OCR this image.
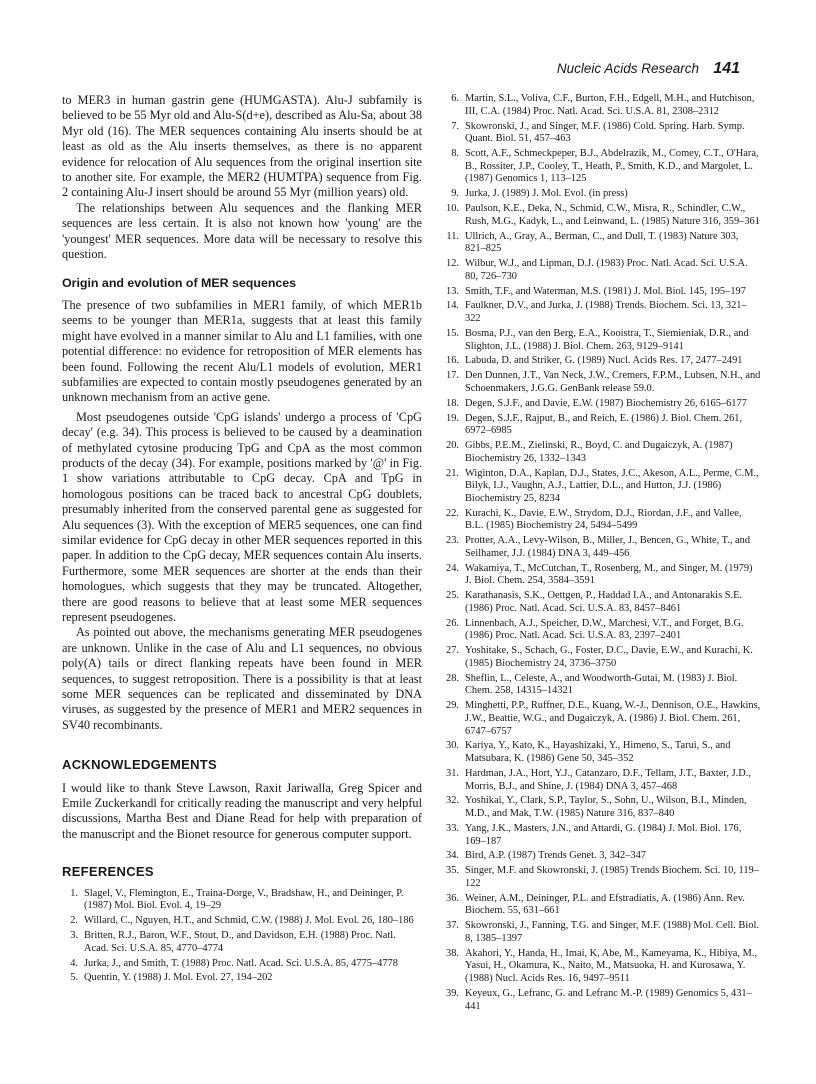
Nucleic Acids Research 141

to MER3 in human gastrin gene (HUMGASTA). Alu-J subfamily is believed to be 55 Myr old and Alu-S(d+e), described as Alu-Sa, about 38 Myr old (16). The MER sequences containing Alu inserts should be at least as old as the Alu inserts themselves, as there is no apparent evidence for relocation of Alu sequences from the original insertion site to another site. For example, the MER2 (HUMTPA) sequence from Fig. 2 containing Alu-J insert should be around 55 Myr (million years) old.

The relationships between Alu sequences and the flanking MER sequences are less certain. It is also not known how 'young' are the 'youngest' MER sequences. More data will be necessary to resolve this question.

Origin and evolution of MER sequences

The presence of two subfamilies in MER1 family, of which MER1b seems to be younger than MER1a, suggests that at least this family might have evolved in a manner similar to Alu and L1 families, with one potential difference: no evidence for retroposition of MER elements has been found. Following the recent Alu/L1 models of evolution, MER1 subfamilies are expected to contain mostly pseudogenes generated by an unknown mechanism from an active gene.

Most pseudogenes outside 'CpG islands' undergo a process of 'CpG decay' (e.g. 34). This process is believed to be caused by a deamination of methylated cytosine producing TpG and CpA as the most common products of the decay (34). For example, positions marked by '@' in Fig. 1 show variations attributable to CpG decay. CpA and TpG in homologous positions can be traced back to ancestral CpG doublets, presumably inherited from the conserved parental gene as suggested for Alu sequences (3). With the exception of MER5 sequences, one can find similar evidence for CpG decay in other MER sequences reported in this paper. In addition to the CpG decay, MER sequences contain Alu inserts. Furthermore, some MER sequences are shorter at the ends than their homologues, which suggests that they may be truncated. Altogether, there are good reasons to believe that at least some MER sequences represent pseudogenes.

As pointed out above, the mechanisms generating MER pseudogenes are unknown. Unlike in the case of Alu and L1 sequences, no obvious poly(A) tails or direct flanking repeats have been found in MER sequences, to suggest retroposition. There is a possibility is that at least some MER sequences can be replicated and disseminated by DNA viruses, as suggested by the presence of MER1 and MER2 sequences in SV40 recombinants.

ACKNOWLEDGEMENTS

I would like to thank Steve Lawson, Raxit Jariwalla, Greg Spicer and Emile Zuckerkandl for critically reading the manuscript and very helpful discussions, Martha Best and Diane Read for help with preparation of the manuscript and the Bionet resource for generous computer support.

REFERENCES
1. Slagel, V., Flemington, E., Traina-Dorge, V., Bradshaw, H., and Deininger, P. (1987) Mol. Biol. Evol. 4, 19–29
2. Willard, C., Nguyen, H.T., and Schmid, C.W. (1988) J. Mol. Evol. 26, 180–186
3. Britten, R.J., Baron, W.F., Stout, D., and Davidson, E.H. (1988) Proc. Natl. Acad. Sci. U.S.A. 85, 4770–4774
4. Jurka, J., and Smith, T. (1988) Proc. Natl. Acad. Sci. U.S.A. 85, 4775–4778
5. Quentin, Y. (1988) J. Mol. Evol. 27, 194–202
6. Martin, S.L., Voliva, C.F., Burton, F.H., Edgell, M.H., and Hutchison, III, C.A. (1984) Proc. Natl. Acad. Sci. U.S.A. 81, 2308–2312
7. Skowronski, J., and Singer, M.F. (1986) Cold. Spring. Harb. Symp. Quant. Biol. 51, 457–463
8. Scott, A.F., Schmeckpeper, B.J., Abdelrazik, M., Comey, C.T., O'Hara, B., Rossiter, J.P., Cooley, T., Heath, P., Smith, K.D., and Margolet, L. (1987) Genomics 1, 113–125
9. Jurka, J. (1989) J. Mol. Evol. (in press)
10. Paulson, K.E., Deka, N., Schmid, C.W., Misra, R., Schindler, C.W., Rush, M.G., Kadyk, L., and Leinwand, L. (1985) Nature 316, 359–361
11. Ullrich, A., Gray, A., Berman, C., and Dull, T. (1983) Nature 303, 821–825
12. Wilbur, W.J., and Lipman, D.J. (1983) Proc. Natl. Acad. Sci. U.S.A. 80, 726–730
13. Smith, T.F., and Waterman, M.S. (1981) J. Mol. Biol. 145, 195–197
14. Faulkner, D.V., and Jurka, J. (1988) Trends. Biochem. Sci. 13, 321–322
15. Bosma, P.J., van den Berg, E.A., Kooistra, T., Siemieniak, D.R., and Slighton, J.L. (1988) J. Biol. Chem. 263, 9129–9141
16. Labuda, D. and Striker, G. (1989) Nucl. Acids Res. 17, 2477–2491
17. Den Dunnen, J.T., Van Neck, J.W., Cremers, F.P.M., Lubsen, N.H., and Schoenmakers, J.G.G. GenBank release 59.0.
18. Degen, S.J.F., and Davie, E.W. (1987) Biochemistry 26, 6165–6177
19. Degen, S.J.F., Rajput, B., and Reich, E. (1986) J. Biol. Chem. 261, 6972–6985
20. Gibbs, P.E.M., Zielinski, R., Boyd, C. and Dugaiczyk, A. (1987) Biochemistry 26, 1332–1343
21. Wiginton, D.A., Kaplan, D.J., States, J.C., Akeson, A.L., Perme, C.M., Bilyk, I.J., Vaughn, A.J., Lattier, D.L., and Hutton, J.J. (1986) Biochemistry 25, 8234
22. Kurachi, K., Davie, E.W., Strydom, D.J., Riordan, J.F., and Vallee, B.L. (1985) Biochemistry 24, 5494–5499
23. Protter, A.A., Levy-Wilson, B., Miller, J., Bencen, G., White, T., and Seilhamer, J.J. (1984) DNA 3, 449–456
24. Wakamiya, T., McCutchan, T., Rosenberg, M., and Singer, M. (1979) J. Biol. Chem. 254, 3584–3591
25. Karathanasis, S.K., Oettgen, P., Haddad I.A., and Antonarakis S.E. (1986) Proc. Natl. Acad. Sci. U.S.A. 83, 8457–8461
26. Linnenbach, A.J., Speicher, D.W., Marchesi, V.T., and Forget, B.G. (1986) Proc. Natl. Acad. Sci. U.S.A. 83, 2397–2401
27. Yoshitake, S., Schach, G., Foster, D.C., Davie, E.W., and Kurachi, K. (1985) Biochemistry 24, 3736–3750
28. Sheflin, L., Celeste, A., and Woodworth-Gutai, M. (1983) J. Biol. Chem. 258, 14315–14321
29. Minghetti, P.P., Ruffner, D.E., Kuang, W.-J., Dennison, O.E., Hawkins, J.W., Beattie, W.G., and Dugaiczyk, A. (1986) J. Biol. Chem. 261, 6747–6757
30. Kariya, Y., Kato, K., Hayashizaki, Y., Himeno, S., Tarui, S., and Matsubara, K. (1986) Gene 50, 345–352
31. Hardman, J.A., Hort, Y.J., Catanzaro, D.F., Tellam, J.T., Baxter, J.D., Morris, B.J., and Shine, J. (1984) DNA 3, 457–468
32. Yoshikai, Y., Clark, S.P., Taylor, S., Sohn, U., Wilson, B.I., Minden, M.D., and Mak, T.W. (1985) Nature 316, 837–840
33. Yang, J.K., Masters, J.N., and Attardi, G. (1984) J. Mol. Biol. 176, 169–187
34. Bird, A.P. (1987) Trends Genet. 3, 342–347
35. Singer, M.F. and Skowronski, J. (1985) Trends Biochem. Sci. 10, 119–122
36. Weiner, A.M., Deininger, P.L. and Efstradiatis, A. (1986) Ann. Rev. Biochem. 55, 631–661
37. Skowronski, J., Fanning, T.G. and Singer, M.F. (1988) Mol. Cell. Biol. 8, 1385–1397
38. Akahori, Y., Handa, H., Imai, K, Abe, M., Kameyama, K., Hibiya, M., Yasui, H., Okamura, K., Naito, M., Matsuoka, H. and Kurosawa, Y. (1988) Nucl. Acids Res. 16, 9497–9511
39. Keyeux, G., Lefranc, G. and Lefranc M.-P. (1989) Genomics 5, 431–441
